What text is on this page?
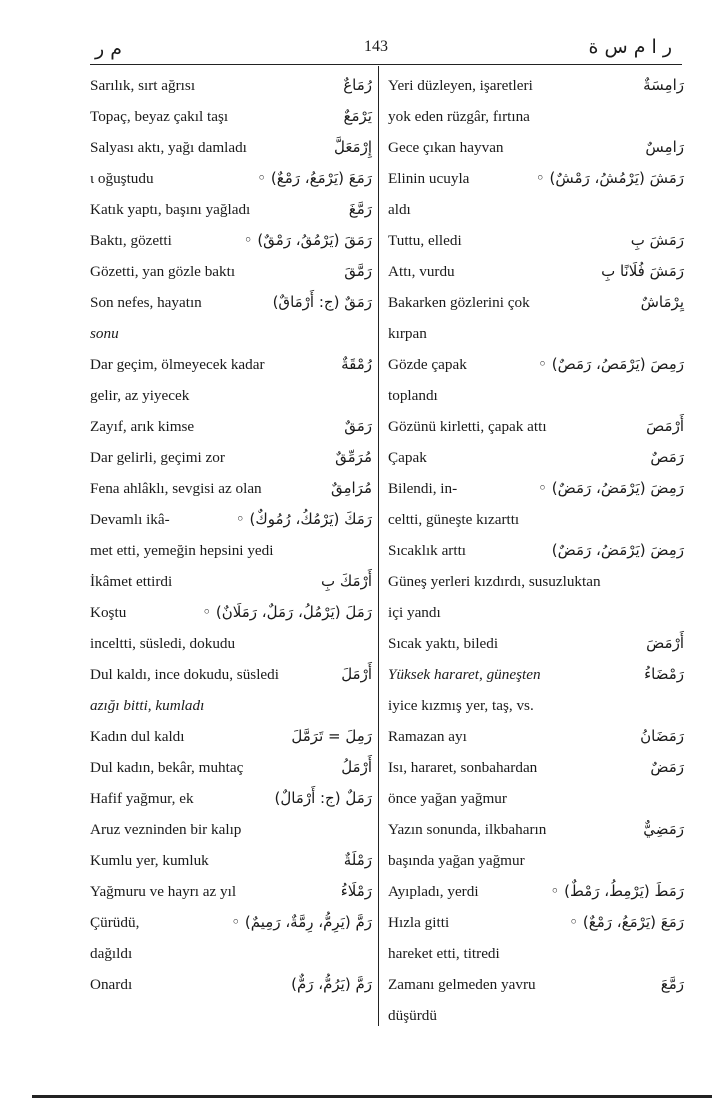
م ر	143	ر ا م س ة
Sarılık, sırt ağrısı	رُمَاعٌ
Topaç, beyaz çakıl taşı	يَرْمَعٌ
Salyası aktı, yağı damladı	إِرْمَعَلَّ
ι oğuştudu	رَمَعَ (يَرْمَعُ، رَمْعٌ) ◦
Katık yaptı, başını yağladı	رَمَّغَ
Baktı, gözetti	رَمَقَ (يَرْمُقُ، رَمْقٌ) ◦
Gözetti, yan gözle baktı	رَمَّقَ
Son nefes, hayatın	رَمَقٌ (ج: أَرْمَاقٌ)
sonu
Dar geçim, ölmeyecek kadar	رُمْقَةٌ
gelir, az yiyecek
Zayıf, arık kimse	رَمَقٌ
Dar gelirli, geçimi zor	مُرَمِّقٌ
Fena ahlâklı, sevgisi az olan	مُرَامِقٌ
Devamlı ikâ-	رَمَكَ (يَرْمُكُ، رُمُوكٌ) ◦
met etti, yemeğin hepsini yedi
İkâmet ettirdi	أَرْمَكَ بِ
Koştu	رَمَلَ (يَرْمُلُ، رَمَلٌ، رَمَلَانٌ) ◦
inceltti, süsledi, dokudu
Dul kaldı, ince dokudu, süsledi	أَرْمَلَ
azığı bitti, kumladı
Kadın dul kaldı	رَمِلَ = تَرَمَّلَ
Dul kadın, bekâr, muhtaç	أَرْمَلُ
Hafif yağmur, ek	رَمَلٌ (ج: أَرْمَالٌ)
Aruz vezninden bir kalıp
Kumlu yer, kumluk	رَمْلَةٌ
Yağmuru ve hayrı az yıl	رَمْلَاءُ
Çürüdü,	رَمَّ (يَرِمُّ، رِمَّةٌ، رَمِيمٌ) ◦
dağıldı
Onardı	رَمَّ (يَرُمُّ، رَمٌّ)
Yeri düzleyen, işaretleri	رَامِسَةٌ
yok eden rüzgâr, fırtına
Gece çıkan hayvan	رَامِسٌ
Elinin ucuyla	رَمَشَ (يَرْمُشُ، رَمْشٌ) ◦
aldı
Tuttu, elledi	رَمَشَ بِ
Attı, vurdu	رَمَشَ فُلَانًا بِ
Bakarken gözlerini çok	يِرْمَاشٌ
kırpan
Gözde çapak	رَمِصَ (يَرْمَصُ، رَمَصٌ) ◦
toplandı
Gözünü kirletti, çapak attı	أَرْمَصَ
Çapak	رَمَصٌ
Bilendi, in-	رَمِضَ (يَرْمَضُ، رَمَضٌ) ◦
celtti, güneşte kızarttı
Sıcaklık arttı	رَمِضَ (يَرْمَضُ، رَمَضٌ)
Güneş yerleri kızdırdı, susuzluktan
içi yandı
Sıcak yaktı, biledi	أَرْمَضَ
Yüksek hararet, güneşten	رَمْضَاءُ
iyice kızmış yer, taş, vs.
Ramazan ayı	رَمَضَانُ
Isı, hararet, sonbahardan	رَمَضٌ
önce yağan yağmur
Yazın sonunda, ilkbaharın	رَمَضِيٌّ
başında yağan yağmur
Ayıpladı, yerdi	رَمَطَ (يَرْمِطُ، رَمْطٌ) ◦
Hızla gitti	رَمَعَ (يَرْمَعُ، رَمْعٌ) ◦
hareket etti, titredi
Zamanı gelmeden yavru	رَمَّعَ
düşürdü
